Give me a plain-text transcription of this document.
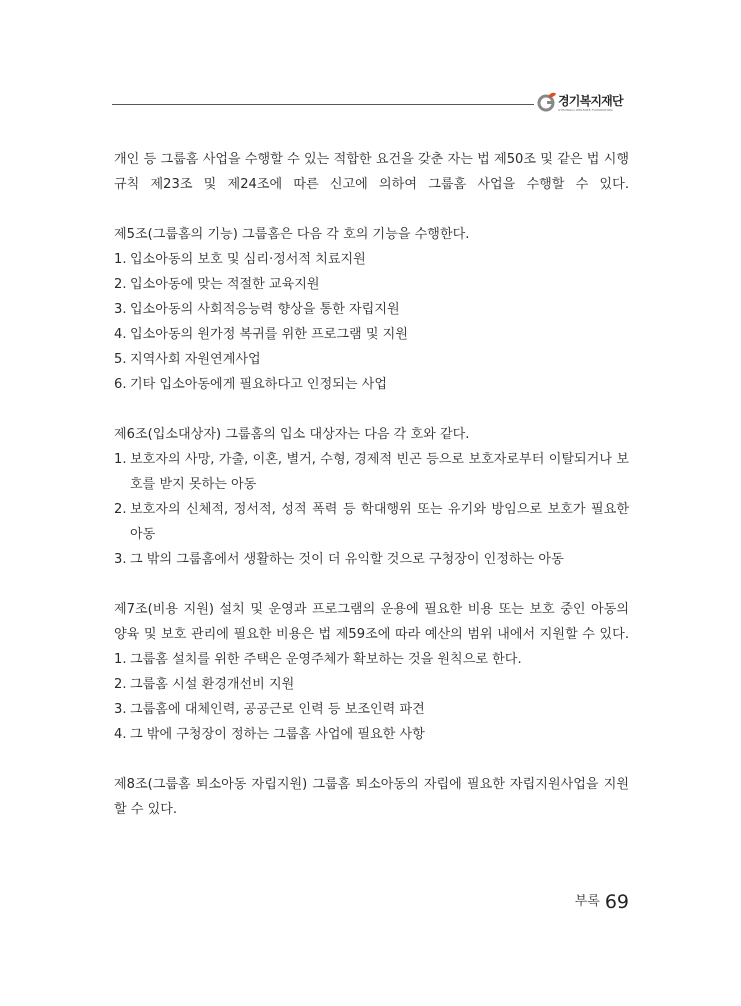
경기복지재단
GYEONGGI WELFARE FOUNDATION

개인 등 그룹홈 사업을 수행할 수 있는 적합한 요건을 갖춘 자는 법 제50조 및 같은 법 시행규칙 제23조 및 제24조에 따른 신고에 의하여 그룹홈 사업을 수행할 수 있다.

제5조(그룹홈의 기능) 그룹홈은 다음 각 호의 기능을 수행한다.

1. 입소아동의 보호 및 심리·정서적 치료지원
2. 입소아동에 맞는 적절한 교육지원
3. 입소아동의 사회적응능력 향상을 통한 자립지원
4. 입소아동의 원가정 복귀를 위한 프로그램 및 지원
5. 지역사회 자원연계사업
6. 기타 입소아동에게 필요하다고 인정되는 사업

제6조(입소대상자) 그룹홈의 입소 대상자는 다음 각 호와 같다.

1. 보호자의 사망, 가출, 이혼, 별거, 수형, 경제적 빈곤 등으로 보호자로부터 이탈되거나 보호를 받지 못하는 아동
2. 보호자의 신체적, 정서적, 성적 폭력 등 학대행위 또는 유기와 방임으로 보호가 필요한 아동
3. 그 밖의 그룹홈에서 생활하는 것이 더 유익할 것으로 구청장이 인정하는 아동

제7조(비용 지원) 설치 및 운영과 프로그램의 운용에 필요한 비용 또는 보호 중인 아동의 양육 및 보호 관리에 필요한 비용은 법 제59조에 따라 예산의 범위 내에서 지원할 수 있다.

1. 그룹홈 설치를 위한 주택은 운영주체가 확보하는 것을 원칙으로 한다.
2. 그룹홈 시설 환경개선비 지원
3. 그룹홈에 대체인력, 공공근로 인력 등 보조인력 파견
4. 그 밖에 구청장이 정하는 그룹홈 사업에 필요한 사항

제8조(그룹홈 퇴소아동 자립지원) 그룹홈 퇴소아동의 자립에 필요한 자립지원사업을 지원할 수 있다.

부록 69
